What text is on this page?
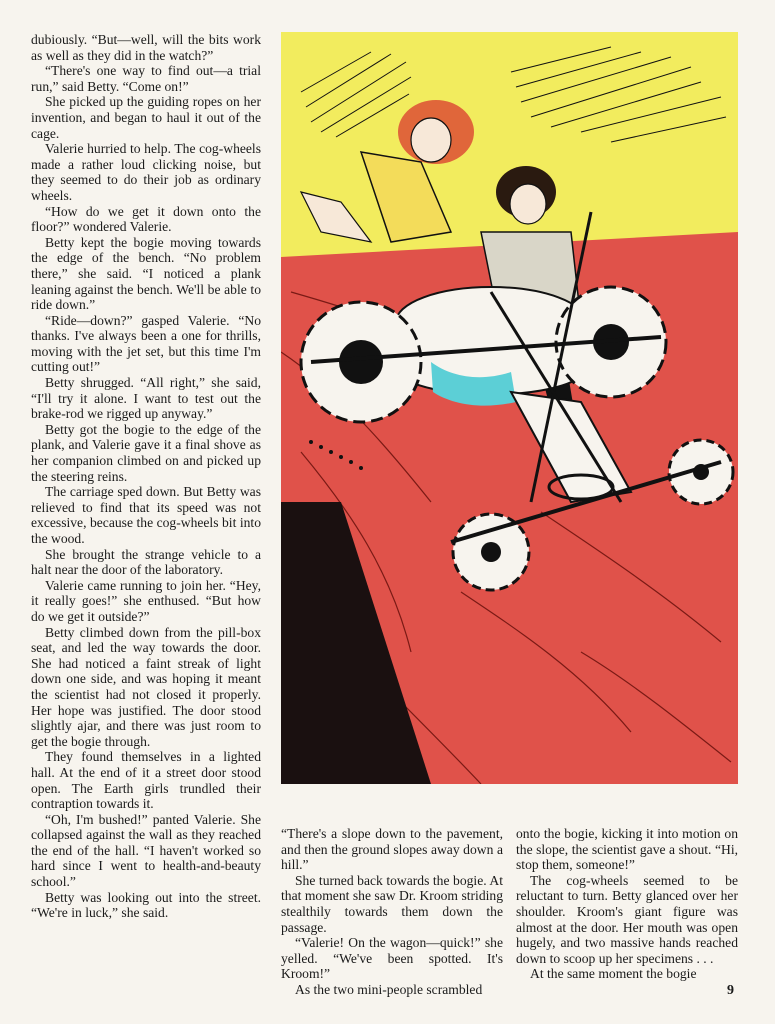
dubiously. “But—well, will the bits work as well as they did in the watch?”

“There's one way to find out—a trial run,” said Betty. “Come on!”

She picked up the guiding ropes on her invention, and began to haul it out of the cage.

Valerie hurried to help. The cog-wheels made a rather loud clicking noise, but they seemed to do their job as ordinary wheels.

“How do we get it down onto the floor?” wondered Valerie.

Betty kept the bogie moving towards the edge of the bench. “No problem there,” she said. “I noticed a plank leaning against the bench. We'll be able to ride down.”

“Ride—down?” gasped Valerie. “No thanks. I've always been a one for thrills, moving with the jet set, but this time I'm cutting out!”

Betty shrugged. “All right,” she said, “I'll try it alone. I want to test out the brake-rod we rigged up anyway.”

Betty got the bogie to the edge of the plank, and Valerie gave it a final shove as her companion climbed on and picked up the steering reins.

The carriage sped down. But Betty was relieved to find that its speed was not excessive, because the cog-wheels bit into the wood.

She brought the strange vehicle to a halt near the door of the laboratory.

Valerie came running to join her. “Hey, it really goes!” she enthused. “But how do we get it outside?”

Betty climbed down from the pill-box seat, and led the way towards the door. She had noticed a faint streak of light down one side, and was hoping it meant the scientist had not closed it properly. Her hope was justified. The door stood slightly ajar, and there was just room to get the bogie through.

They found themselves in a lighted hall. At the end of it a street door stood open. The Earth girls trundled their contraption towards it.

“Oh, I'm bushed!” panted Valerie. She collapsed against the wall as they reached the end of the hall. “I haven't worked so hard since I went to health-and-beauty school.”

Betty was looking out into the street. “We're in luck,” she said.

“There's a slope down to the pavement, and then the ground slopes away down a hill.”

She turned back towards the bogie. At that moment she saw Dr. Kroom striding stealthily towards them down the passage.

“Valerie! On the wagon—quick!” she yelled. “We've been spotted. It's Kroom!”

As the two mini-people scrambled

onto the bogie, kicking it into motion on the slope, the scientist gave a shout. “Hi, stop them, someone!”

The cog-wheels seemed to be reluctant to turn. Betty glanced over her shoulder. Kroom's giant figure was almost at the door. Her mouth was open hugely, and two massive hands reached down to scoop up her specimens . . .

At the same moment the bogie

9
